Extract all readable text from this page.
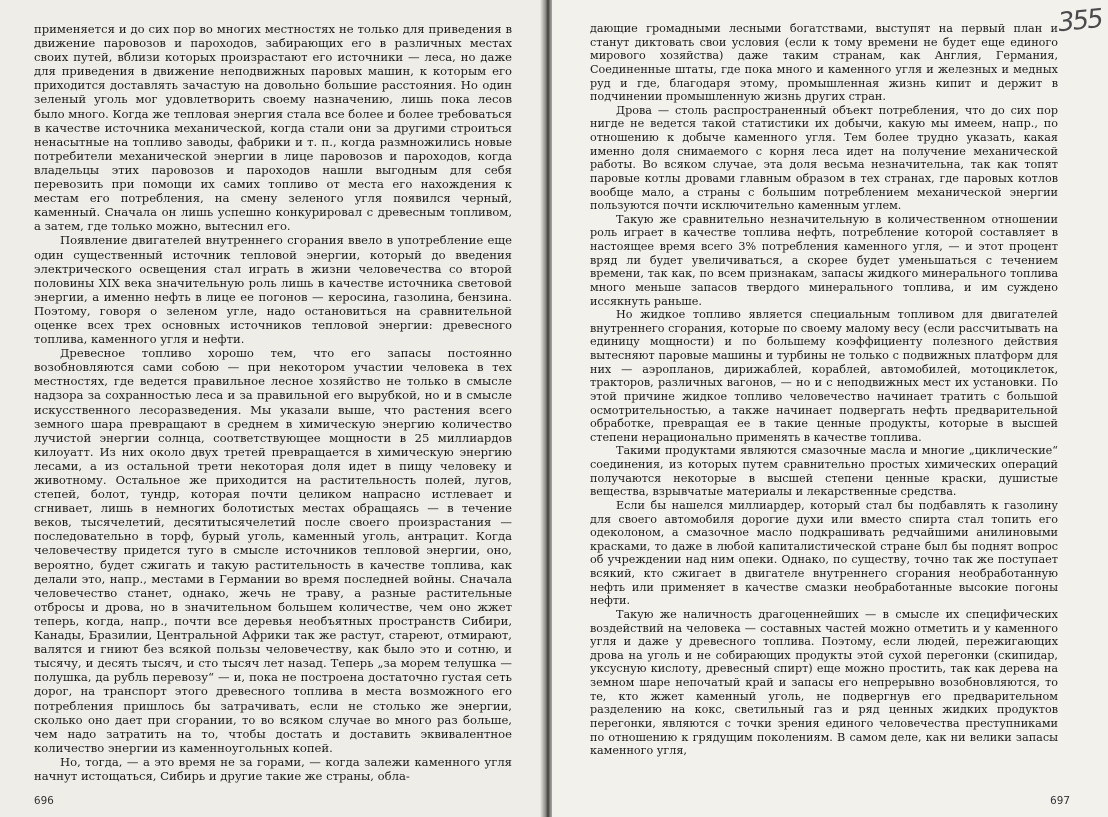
применяется и до сих пор во многих местностях не только для приведения в движение паровозов и пароходов, забирающих его в различных местах своих путей, вблизи которых произрастают его источники — леса, но даже для приведения в движение неподвижных паровых машин, к которым его приходится доставлять зачастую на довольно большие расстояния. Но один зеленый уголь мог удовлетворить своему назначению, лишь пока лесов было много. Когда же тепловая энергия стала все более и более требоваться в качестве источника механической, когда стали они за другими строиться ненасытные на топливо заводы, фабрики и т. п., когда размножились новые потребители механической энергии в лице паровозов и пароходов, когда владельцы этих паровозов и пароходов нашли выгодным для себя перевозить при помощи их самих топливо от места его нахождения к местам его потребления, на смену зеленого угля появился черный, каменный. Сначала он лишь успешно конкурировал с древесным топливом, а затем, где только можно, вытеснил его.

Появление двигателей внутреннего сгорания ввело в употребление еще один существенный источник тепловой энергии, который до введения электрического освещения стал играть в жизни человечества со второй половины XIX века значительную роль лишь в качестве источника световой энергии, а именно нефть в лице ее погонов — керосина, газолина, бензина. Поэтому, говоря о зеленом угле, надо остановиться на сравнительной оценке всех трех основных источников тепловой энергии: древесного топлива, каменного угля и нефти.

Древесное топливо хорошо тем, что его запасы постоянно возобновляются сами собою — при некотором участии человека в тех местностях, где ведется правильное лесное хозяйство не только в смысле надзора за сохранностью леса и за правильной его вырубкой, но и в смысле искусственного лесоразведения. Мы указали выше, что растения всего земного шара превращают в среднем в химическую энергию количество лучистой энергии солнца, соответствующее мощности в 25 миллиардов килоуатт. Из них около двух третей превращается в химическую энергию лесами, а из остальной трети некоторая доля идет в пищу человеку и животному. Остальное же приходится на растительность полей, лугов, степей, болот, тундр, которая почти целиком напрасно истлевает и сгнивает, лишь в немногих болотистых местах обращаясь — в течение веков, тысячелетий, десятитысячелетий после своего произрастания — последовательно в торф, бурый уголь, каменный уголь, антрацит. Когда человечеству придется туго в смысле источников тепловой энергии, оно, вероятно, будет сжигать и такую растительность в качестве топлива, как делали это, напр., местами в Германии во время последней войны. Сначала человечество станет, однако, жечь не траву, а разные растительные отбросы и дрова, но в значительном большем количестве, чем оно жжет теперь, когда, напр., почти все деревья необъятных пространств Сибири, Канады, Бразилии, Центральной Африки так же растут, стареют, отмирают, валятся и гниют без всякой пользы человечеству, как было это и сотню, и тысячу, и десять тысяч, и сто тысяч лет назад. Теперь „за морем телушка — полушка, да рубль перевозу“ — и, пока не построена достаточно густая сеть дорог, на транспорт этого древесного топлива в места возможного его потребления пришлось бы затрачивать, если не столько же энергии, сколько оно дает при сгорании, то во всяком случае во много раз больше, чем надо затратить на то, чтобы достать и доставить эквивалентное количество энергии из каменноугольных копей.

Но, тогда, — а это время не за горами, — когда залежи каменного угля начнут истощаться, Сибирь и другие такие же страны, обла-

696
355

дающие громадными лесными богатствами, выступят на первый план и станут диктовать свои условия (если к тому времени не будет еще единого мирового хозяйства) даже таким странам, как Англия, Германия, Соединенные штаты, где пока много и каменного угля и железных и медных руд и где, благодаря этому, промышленная жизнь кипит и держит в подчинении промышленную жизнь других стран.

Дрова — столь распространенный объект потребления, что до сих пор нигде не ведется такой статистики их добычи, какую мы имеем, напр., по отношению к добыче каменного угля. Тем более трудно указать, какая именно доля снимаемого с корня леса идет на получение механической работы. Во всяком случае, эта доля весьма незначительна, так как топят паровые котлы дровами главным образом в тех странах, где паровых котлов вообще мало, а страны с большим потреблением механической энергии пользуются почти исключительно каменным углем.

Такую же сравнительно незначительную в количественном отношении роль играет в качестве топлива нефть, потребление которой составляет в настоящее время всего 3% потребления каменного угля, — и этот процент вряд ли будет увеличиваться, а скорее будет уменьшаться с течением времени, так как, по всем признакам, запасы жидкого минерального топлива много меньше запасов твердого минерального топлива, и им суждено иссякнуть раньше.

Но жидкое топливо является специальным топливом для двигателей внутреннего сгорания, которые по своему малому весу (если рассчитывать на единицу мощности) и по большему коэффициенту полезного действия вытесняют паровые машины и турбины не только с подвижных платформ для них — аэропланов, дирижаблей, кораблей, автомобилей, мотоциклеток, тракторов, различных вагонов, — но и с неподвижных мест их установки. По этой причине жидкое топливо человечество начинает тратить с большой осмотрительностью, а также начинает подвергать нефть предварительной обработке, превращая ее в такие ценные продукты, которые в высшей степени нерационально применять в качестве топлива.

Такими продуктами являются смазочные масла и многие „циклические“ соединения, из которых путем сравнительно простых химических операций получаются некоторые в высшей степени ценные краски, душистые вещества, взрывчатые материалы и лекарственные средства.

Если бы нашелся миллиардер, который стал бы подбавлять к газолину для своего автомобиля дорогие духи или вместо спирта стал топить его одеколоном, а смазочное масло подкрашивать редчайшими анилиновыми красками, то даже в любой капиталистической стране был бы поднят вопрос об учреждении над ним опеки. Однако, по существу, точно так же поступает всякий, кто сжигает в двигателе внутреннего сгорания необработанную нефть или применяет в качестве смазки необработанные высокие погоны нефти.

Такую же наличность драгоценнейших — в смысле их специфических воздействий на человека — составных частей можно отметить и у каменного угля и даже у древесного топлива. Поэтому, если людей, пережигающих дрова на уголь и не собирающих продукты этой сухой перегонки (скипидар, уксусную кислоту, древесный спирт) еще можно простить, так как дерева на земном шаре непочатый край и запасы его непрерывно возобновляются, то те, кто жжет каменный уголь, не подвергнув его предварительном разделению на кокс, светильный газ и ряд ценных жидких продуктов перегонки, являются с точки зрения единого человечества преступниками по отношению к грядущим поколениям. В самом деле, как ни велики запасы каменного угля,

697
